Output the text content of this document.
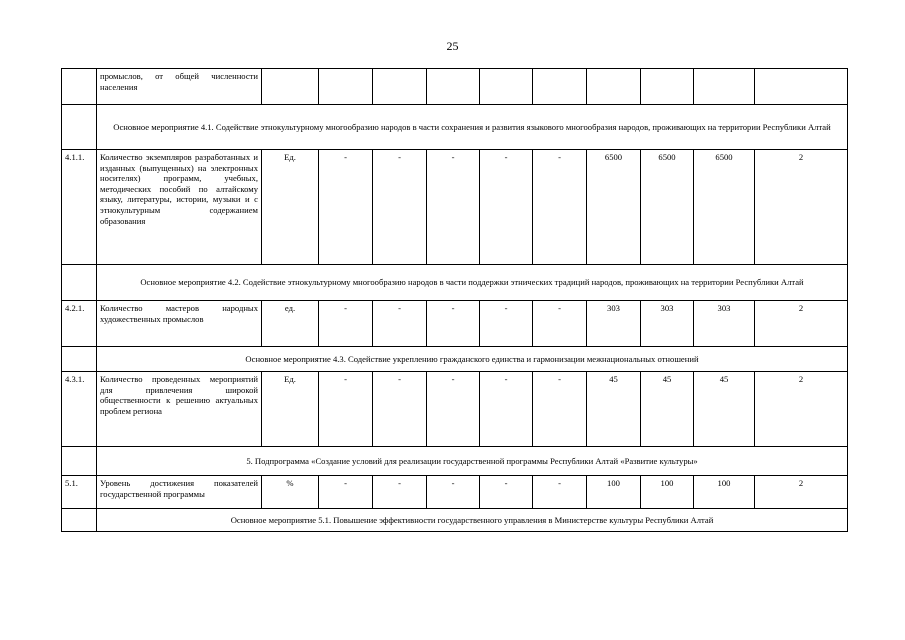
25
	промыслов, от общей численности населения										
	Основное мероприятие 4.1. Содействие этнокультурному многообразию народов в части сохранения и развития языкового многообразия народов, проживающих на территории Республики Алтай										
4.1.1.	Количество экземпляров разработанных и изданных (выпущенных) на электронных носителях) программ, учебных, методических пособий по алтайскому языку, литературы, истории, музыки и с этнокультурным содержанием образования	Ед.	-	-	-	-	-	6500	6500	6500	2
	Основное мероприятие 4.2. Содействие этнокультурному многообразию народов в части поддержки этнических традиций народов, проживающих на территории Республики Алтай										
4.2.1.	Количество мастеров народных художественных промыслов	ед.	-	-	-	-	-	303	303	303	2
	Основное мероприятие 4.3. Содействие укреплению гражданского единства и гармонизации межнациональных отношений										
4.3.1.	Количество проведенных мероприятий для привлечения широкой общественности к решению актуальных проблем региона	Ед.	-	-	-	-	-	45	45	45	2
	5. Подпрограмма «Создание условий для реализации государственной программы Республики Алтай «Развитие культуры»										
5.1.	Уровень достижения показателей государственной программы	%	-	-	-	-	-	100	100	100	2
	Основное мероприятие 5.1. Повышение эффективности государственного управления в Министерстве культуры Республики Алтай										
